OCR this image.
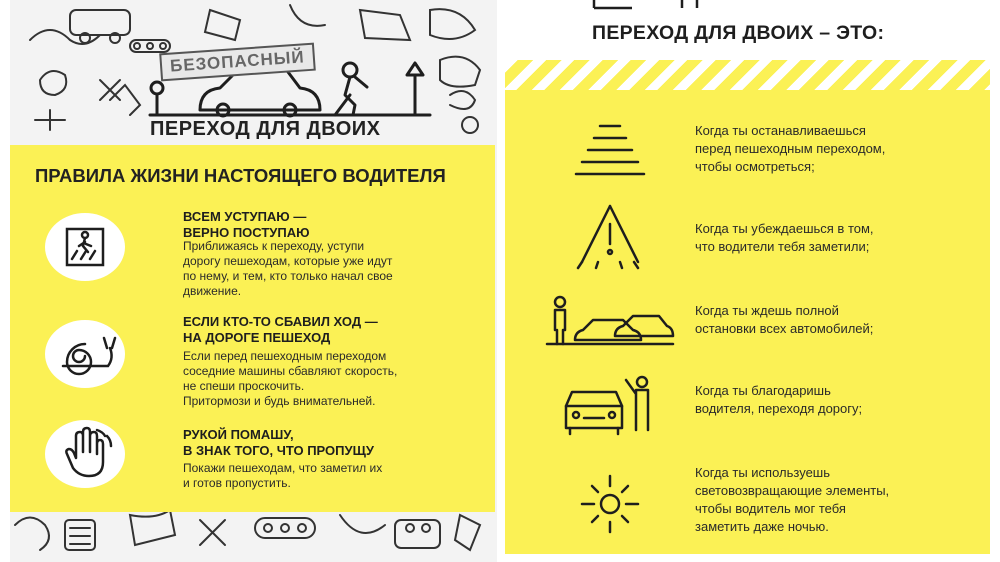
БЕЗОПАСНЫЙ
ПЕРЕХОД ДЛЯ ДВОИХ
ПРАВИЛА ЖИЗНИ НАСТОЯЩЕГО ВОДИТЕЛЯ
ВСЕМ УСТУПАЮ —
ВЕРНО ПОСТУПАЮ
Приближаясь к переходу, уступи
дорогу пешеходам, которые уже идут
по нему, и тем, кто только начал свое
движение.
ЕСЛИ КТО-ТО СБАВИЛ ХОД —
НА ДОРОГЕ ПЕШЕХОД
Если перед пешеходным переходом
соседние машины сбавляют скорость,
не спеши проскочить.
Притормози и будь внимательней.
РУКОЙ ПОМАШУ,
В ЗНАК ТОГО, ЧТО ПРОПУЩУ
Покажи пешеходам, что заметил их
и готов пропустить.
ПЕРЕХОД ДЛЯ ДВОИХ – ЭТО:
Когда ты останавливаешься
перед пешеходным переходом,
чтобы осмотреться;
Когда ты убеждаешься в том,
что водители тебя заметили;
Когда ты ждешь полной
остановки всех автомобилей;
Когда ты благодаришь
водителя, переходя дорогу;
Когда ты используешь
световозвращающие элементы,
чтобы водитель мог тебя
заметить даже ночью.
